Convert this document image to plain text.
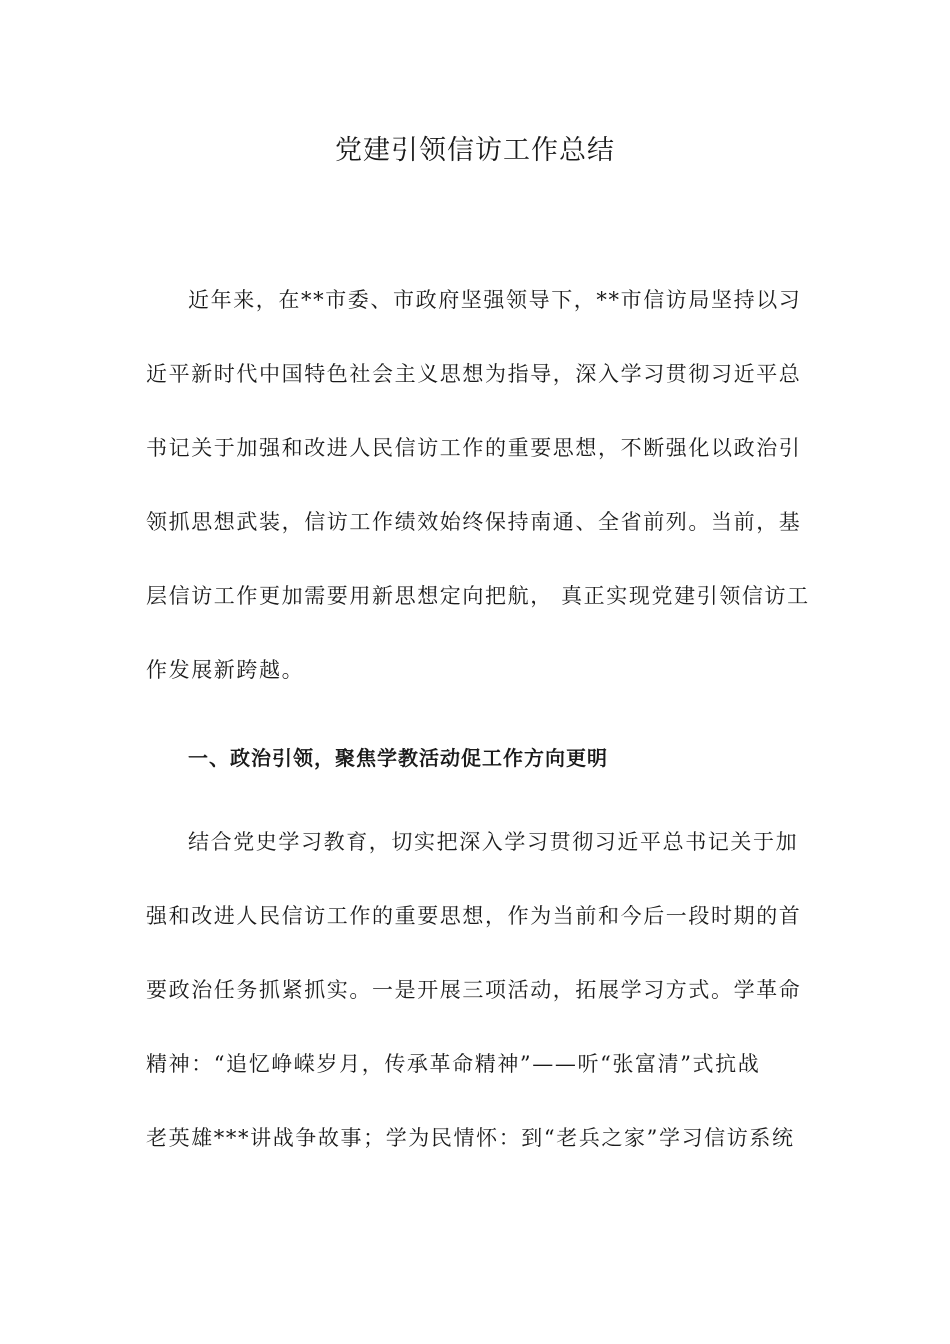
党建引领信访工作总结
近年来，在**市委、市政府坚强领导下，**市信访局坚持以习
近平新时代中国特色社会主义思想为指导，深入学习贯彻习近平总
书记关于加强和改进人民信访工作的重要思想，不断强化以政治引
领抓思想武装，信访工作绩效始终保持南通、全省前列。当前，基
层信访工作更加需要用新思想定向把航， 真正实现党建引领信访工
作发展新跨越。
一、政治引领，聚焦学教活动促工作方向更明
结合党史学习教育，切实把深入学习贯彻习近平总书记关于加
强和改进人民信访工作的重要思想，作为当前和今后一段时期的首
要政治任务抓紧抓实。一是开展三项活动，拓展学习方式。学革命
精神：“追忆峥嵘岁月，传承革命精神”——听“张富清”式抗战
老英雄***讲战争故事；学为民情怀：到“老兵之家”学习信访系统
